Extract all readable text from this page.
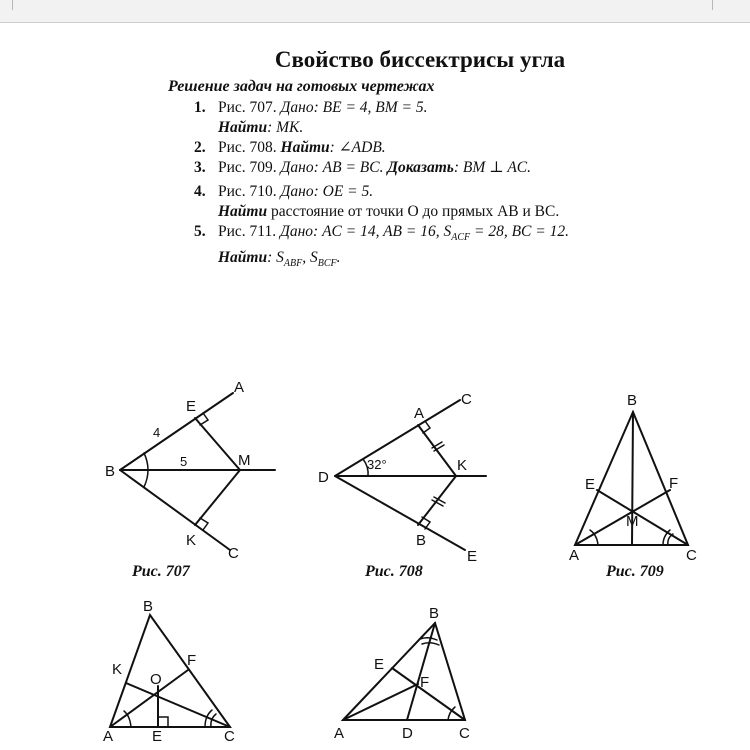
Свойство биссектрисы угла
Решение задач на готовых чертежах
1. Рис. 707. Дано: BE = 4, BM = 5.
Найти: MK.
2. Рис. 708. Найти: ∠ADB.
3. Рис. 709. Дано: AB = BC. Доказать: BM ⊥ AC.
4. Рис. 710. Дано: OE = 5.
Найти расстояние от точки O до прямых AB и BC.
5. Рис. 711. Дано: AC = 14, AB = 16, $S_{ACF} = 28$, BC = 12.
Найти: $S_{ABF}$, $S_{BCF}$.
B
E
A
M
K
C
4
5
D
A
C
K
B
E
32°
B
E	F
M
A	C
B
K
F
O
A	E	C
B
E
F
A	D	C
Рис. 707	Рис. 708	Рис. 709
